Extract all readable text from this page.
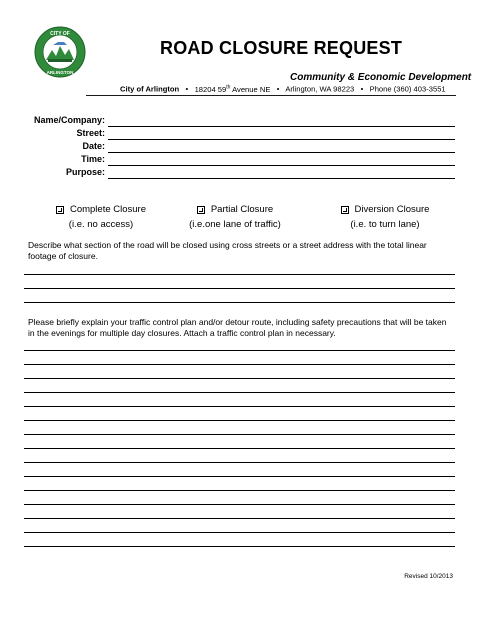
CITY OF
ARLINGTON
ROAD CLOSURE REQUEST
Community & Economic Development
City of Arlington • 18204 59th Avenue NE • Arlington, WA 98223 • Phone (360) 403-3551
Name/Company:
Street:
Date:
Time:
Purpose:
Complete Closure
(i.e. no access)
Partial Closure
(i.e.one lane of traffic)
Diversion Closure
(i.e. to turn lane)
Describe what section of the road will be closed using cross streets or a street address with the total linear footage of closure.
Please briefly explain your traffic control plan and/or detour route, including safety precautions that will be taken in the evenings for multiple day closures. Attach a traffic control plan in necessary.
Revised 10/2013
